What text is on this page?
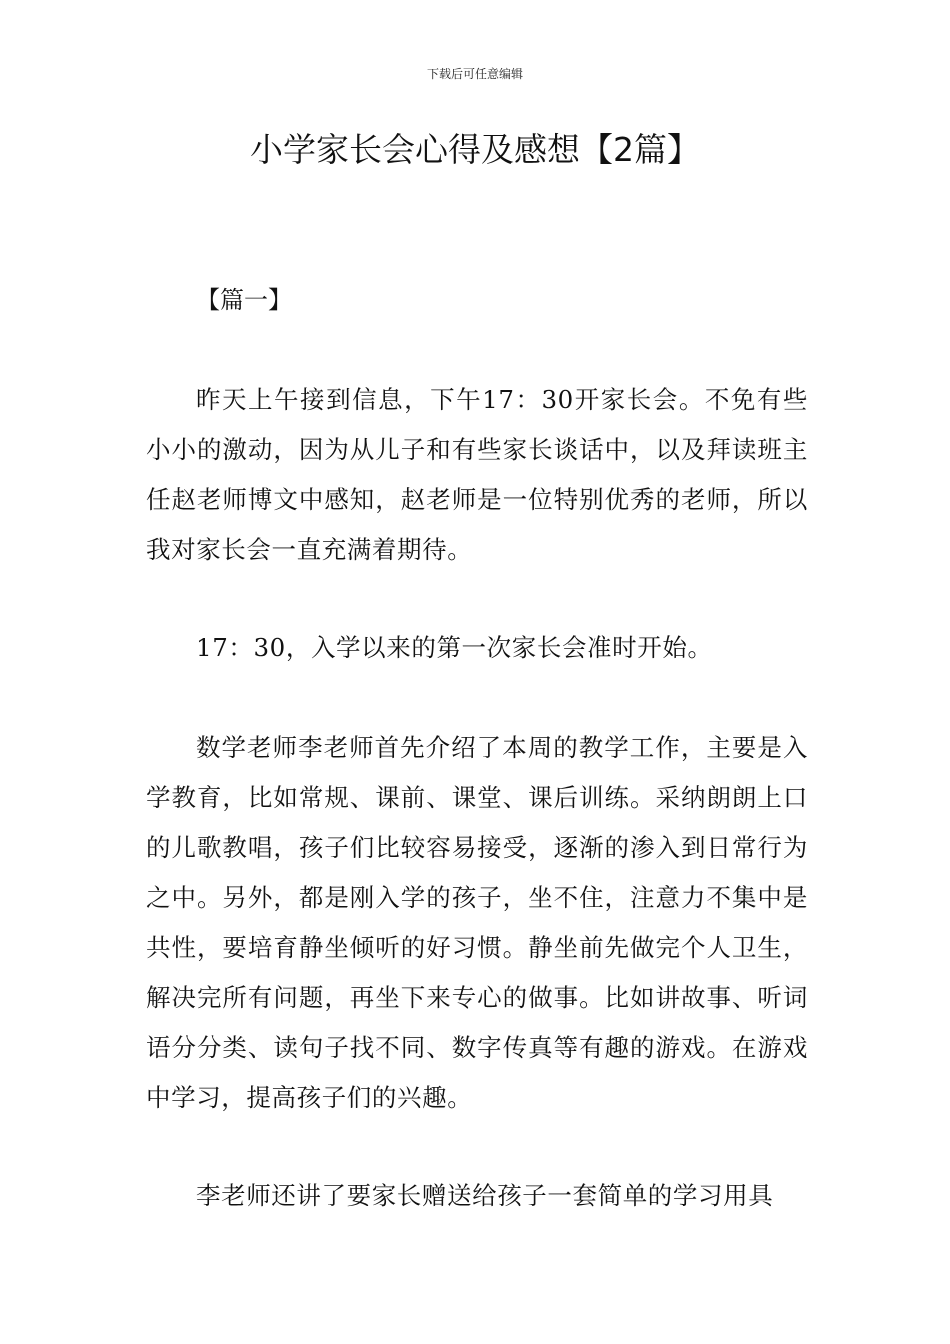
下载后可任意编辑
小学家长会心得及感想【2篇】
【篇一】

昨天上午接到信息，下午17：30开家长会。不免有些小小的激动，因为从儿子和有些家长谈话中，以及拜读班主任赵老师博文中感知，赵老师是一位特别优秀的老师，所以我对家长会一直充满着期待。

17：30，入学以来的第一次家长会准时开始。

数学老师李老师首先介绍了本周的教学工作，主要是入学教育，比如常规、课前、课堂、课后训练。采纳朗朗上口的儿歌教唱，孩子们比较容易接受，逐渐的渗入到日常行为之中。另外，都是刚入学的孩子，坐不住，注意力不集中是共性，要培育静坐倾听的好习惯。静坐前先做完个人卫生，解决完所有问题，再坐下来专心的做事。比如讲故事、听词语分分类、读句子找不同、数字传真等有趣的游戏。在游戏中学习，提高孩子们的兴趣。

李老师还讲了要家长赠送给孩子一套简单的学习用具
